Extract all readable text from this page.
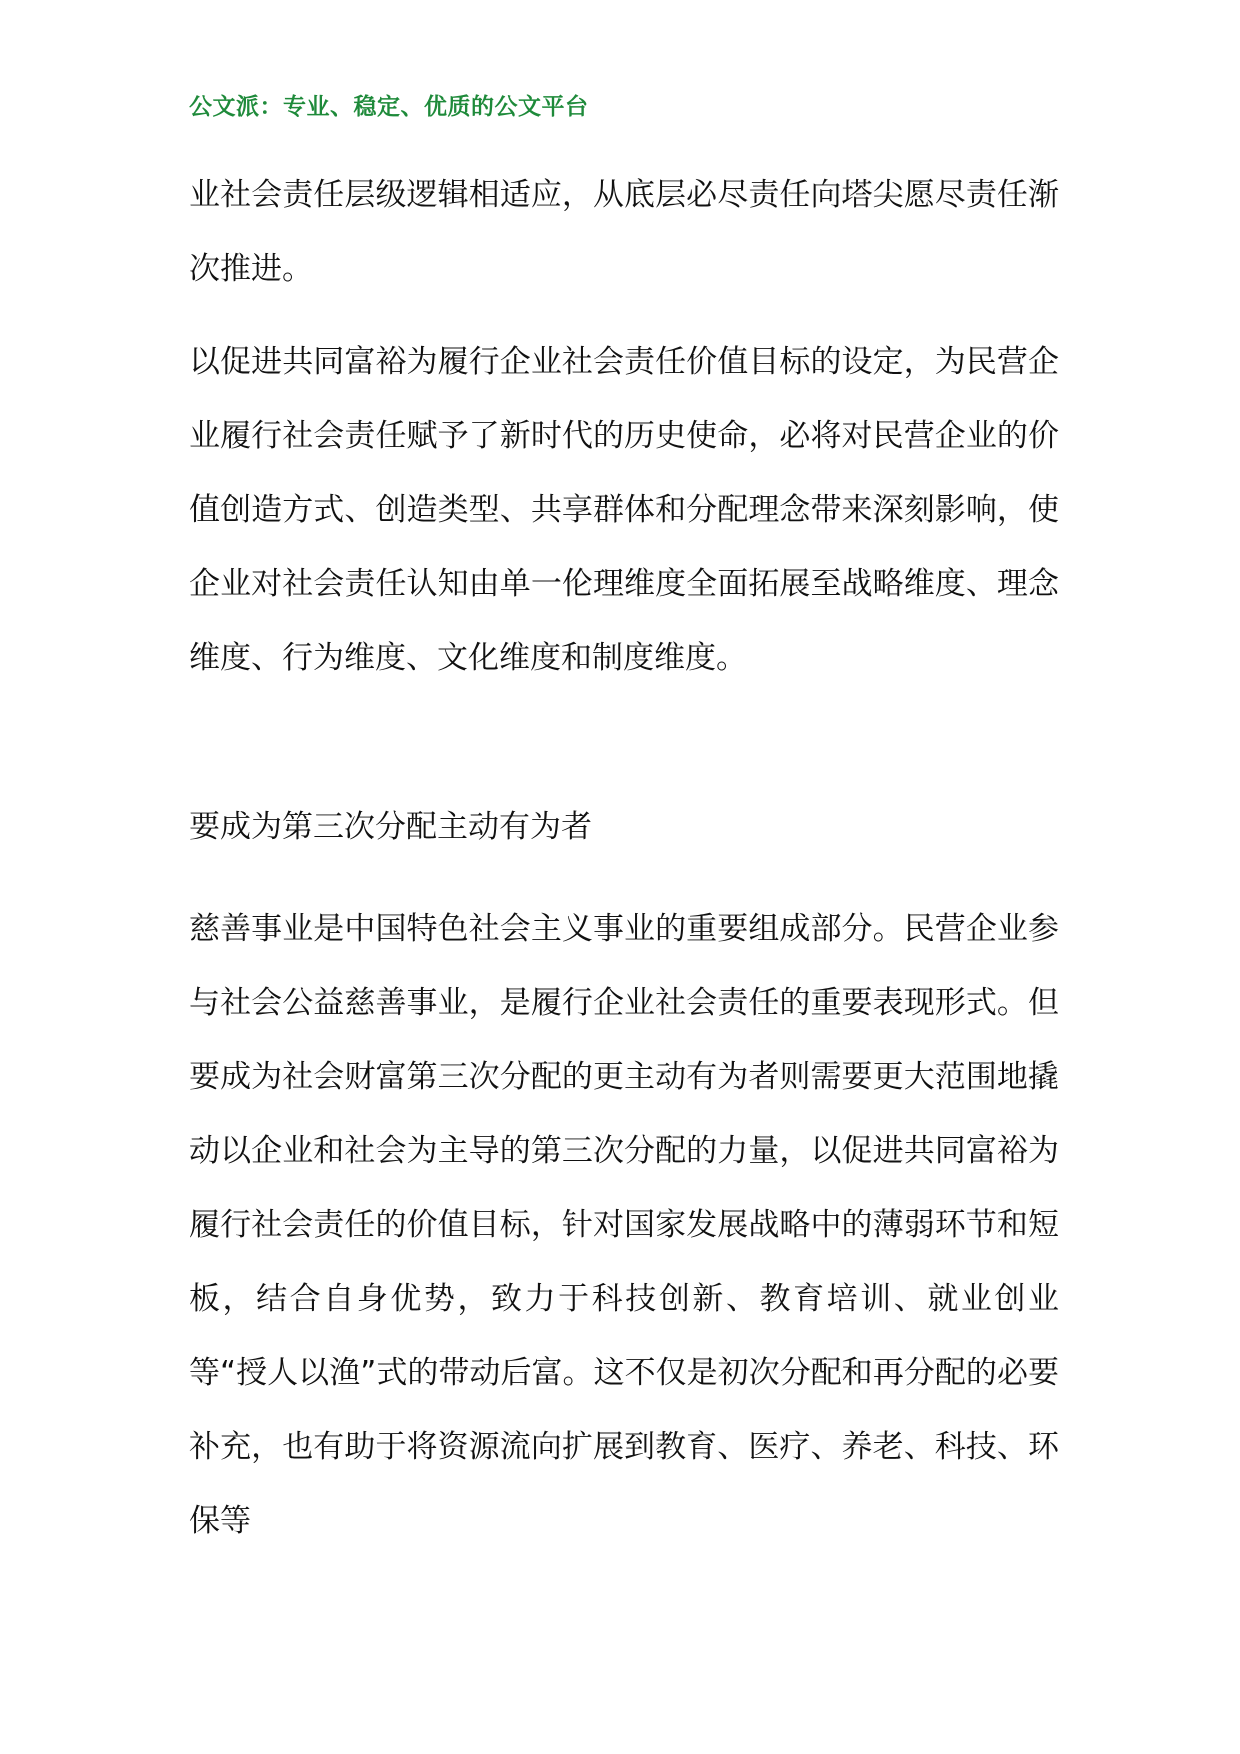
公文派：专业、稳定、优质的公文平台

业社会责任层级逻辑相适应，从底层必尽责任向塔尖愿尽责任渐次推进。

以促进共同富裕为履行企业社会责任价值目标的设定，为民营企业履行社会责任赋予了新时代的历史使命，必将对民营企业的价值创造方式、创造类型、共享群体和分配理念带来深刻影响，使企业对社会责任认知由单一伦理维度全面拓展至战略维度、理念维度、行为维度、文化维度和制度维度。

要成为第三次分配主动有为者

慈善事业是中国特色社会主义事业的重要组成部分。民营企业参与社会公益慈善事业，是履行企业社会责任的重要表现形式。但要成为社会财富第三次分配的更主动有为者则需要更大范围地撬动以企业和社会为主导的第三次分配的力量，以促进共同富裕为履行社会责任的价值目标，针对国家发展战略中的薄弱环节和短板，结合自身优势，致力于科技创新、教育培训、就业创业等“授人以渔”式的带动后富。这不仅是初次分配和再分配的必要补充，也有助于将资源流向扩展到教育、医疗、养老、科技、环保等
